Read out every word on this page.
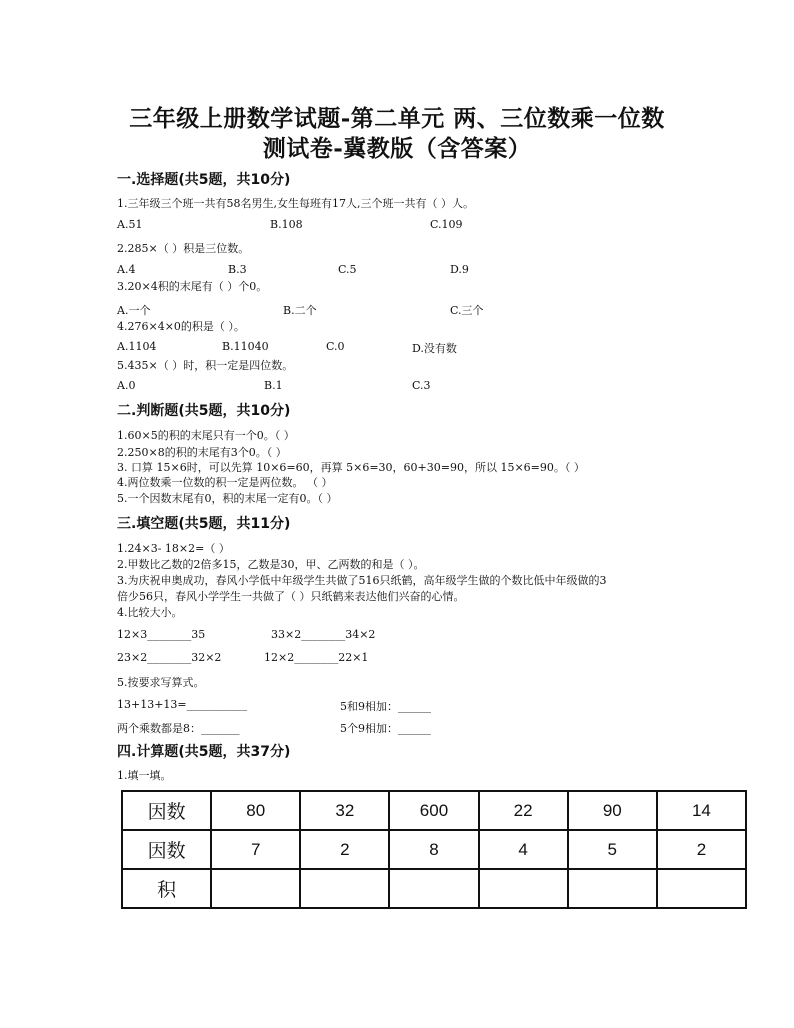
三年级上册数学试题-第二单元 两、三位数乘一位数
测试卷-冀教版（含答案）
一.选择题(共5题，共10分)
1.三年级三个班一共有58名男生,女生每班有17人,三个班一共有（ ）人。
A.51	B.108	C.109
2.285×（ ）积是三位数。
A.4	B.3	C.5	D.9
3.20×4积的末尾有（ ）个0。
A.一个	B.二个	C.三个
4.276×4×0的积是（ ）。
A.1104	B.11040	C.0	D.没有数
5.435×（ ）时，积一定是四位数。
A.0	B.1	C.3
二.判断题(共5题，共10分)
1.60×5的积的末尾只有一个0。（ ）
2.250×8的积的末尾有3个0。（ ）
3. 口算 15×6时，可以先算 10×6=60，再算 5×6=30，60+30=90，所以 15×6=90。（ ）
4.两位数乘一位数的积一定是两位数。 （ ）
5.一个因数末尾有0，积的末尾一定有0。（ ）
三.填空题(共5题，共11分)
1.24×3- 18×2=（ ）
2.甲数比乙数的2倍多15，乙数是30，甲、乙两数的和是（ ）。
3.为庆祝申奥成功，春风小学低中年级学生共做了516只纸鹤，高年级学生做的个数比低中年级做的3
倍少56只，春风小学学生一共做了（ ）只纸鹤来表达他们兴奋的心情。
4.比较大小。
12×3________35	33×2________34×2
23×2________32×2	12×2________22×1
5.按要求写算式。
13+13+13=___________	5和9相加：______
两个乘数都是8：_______	5个9相加：______
四.计算题(共5题，共37分)
1.填一填。
因数	80	32	600	22	90	14
因数	7	2	8	4	5	2
积						
